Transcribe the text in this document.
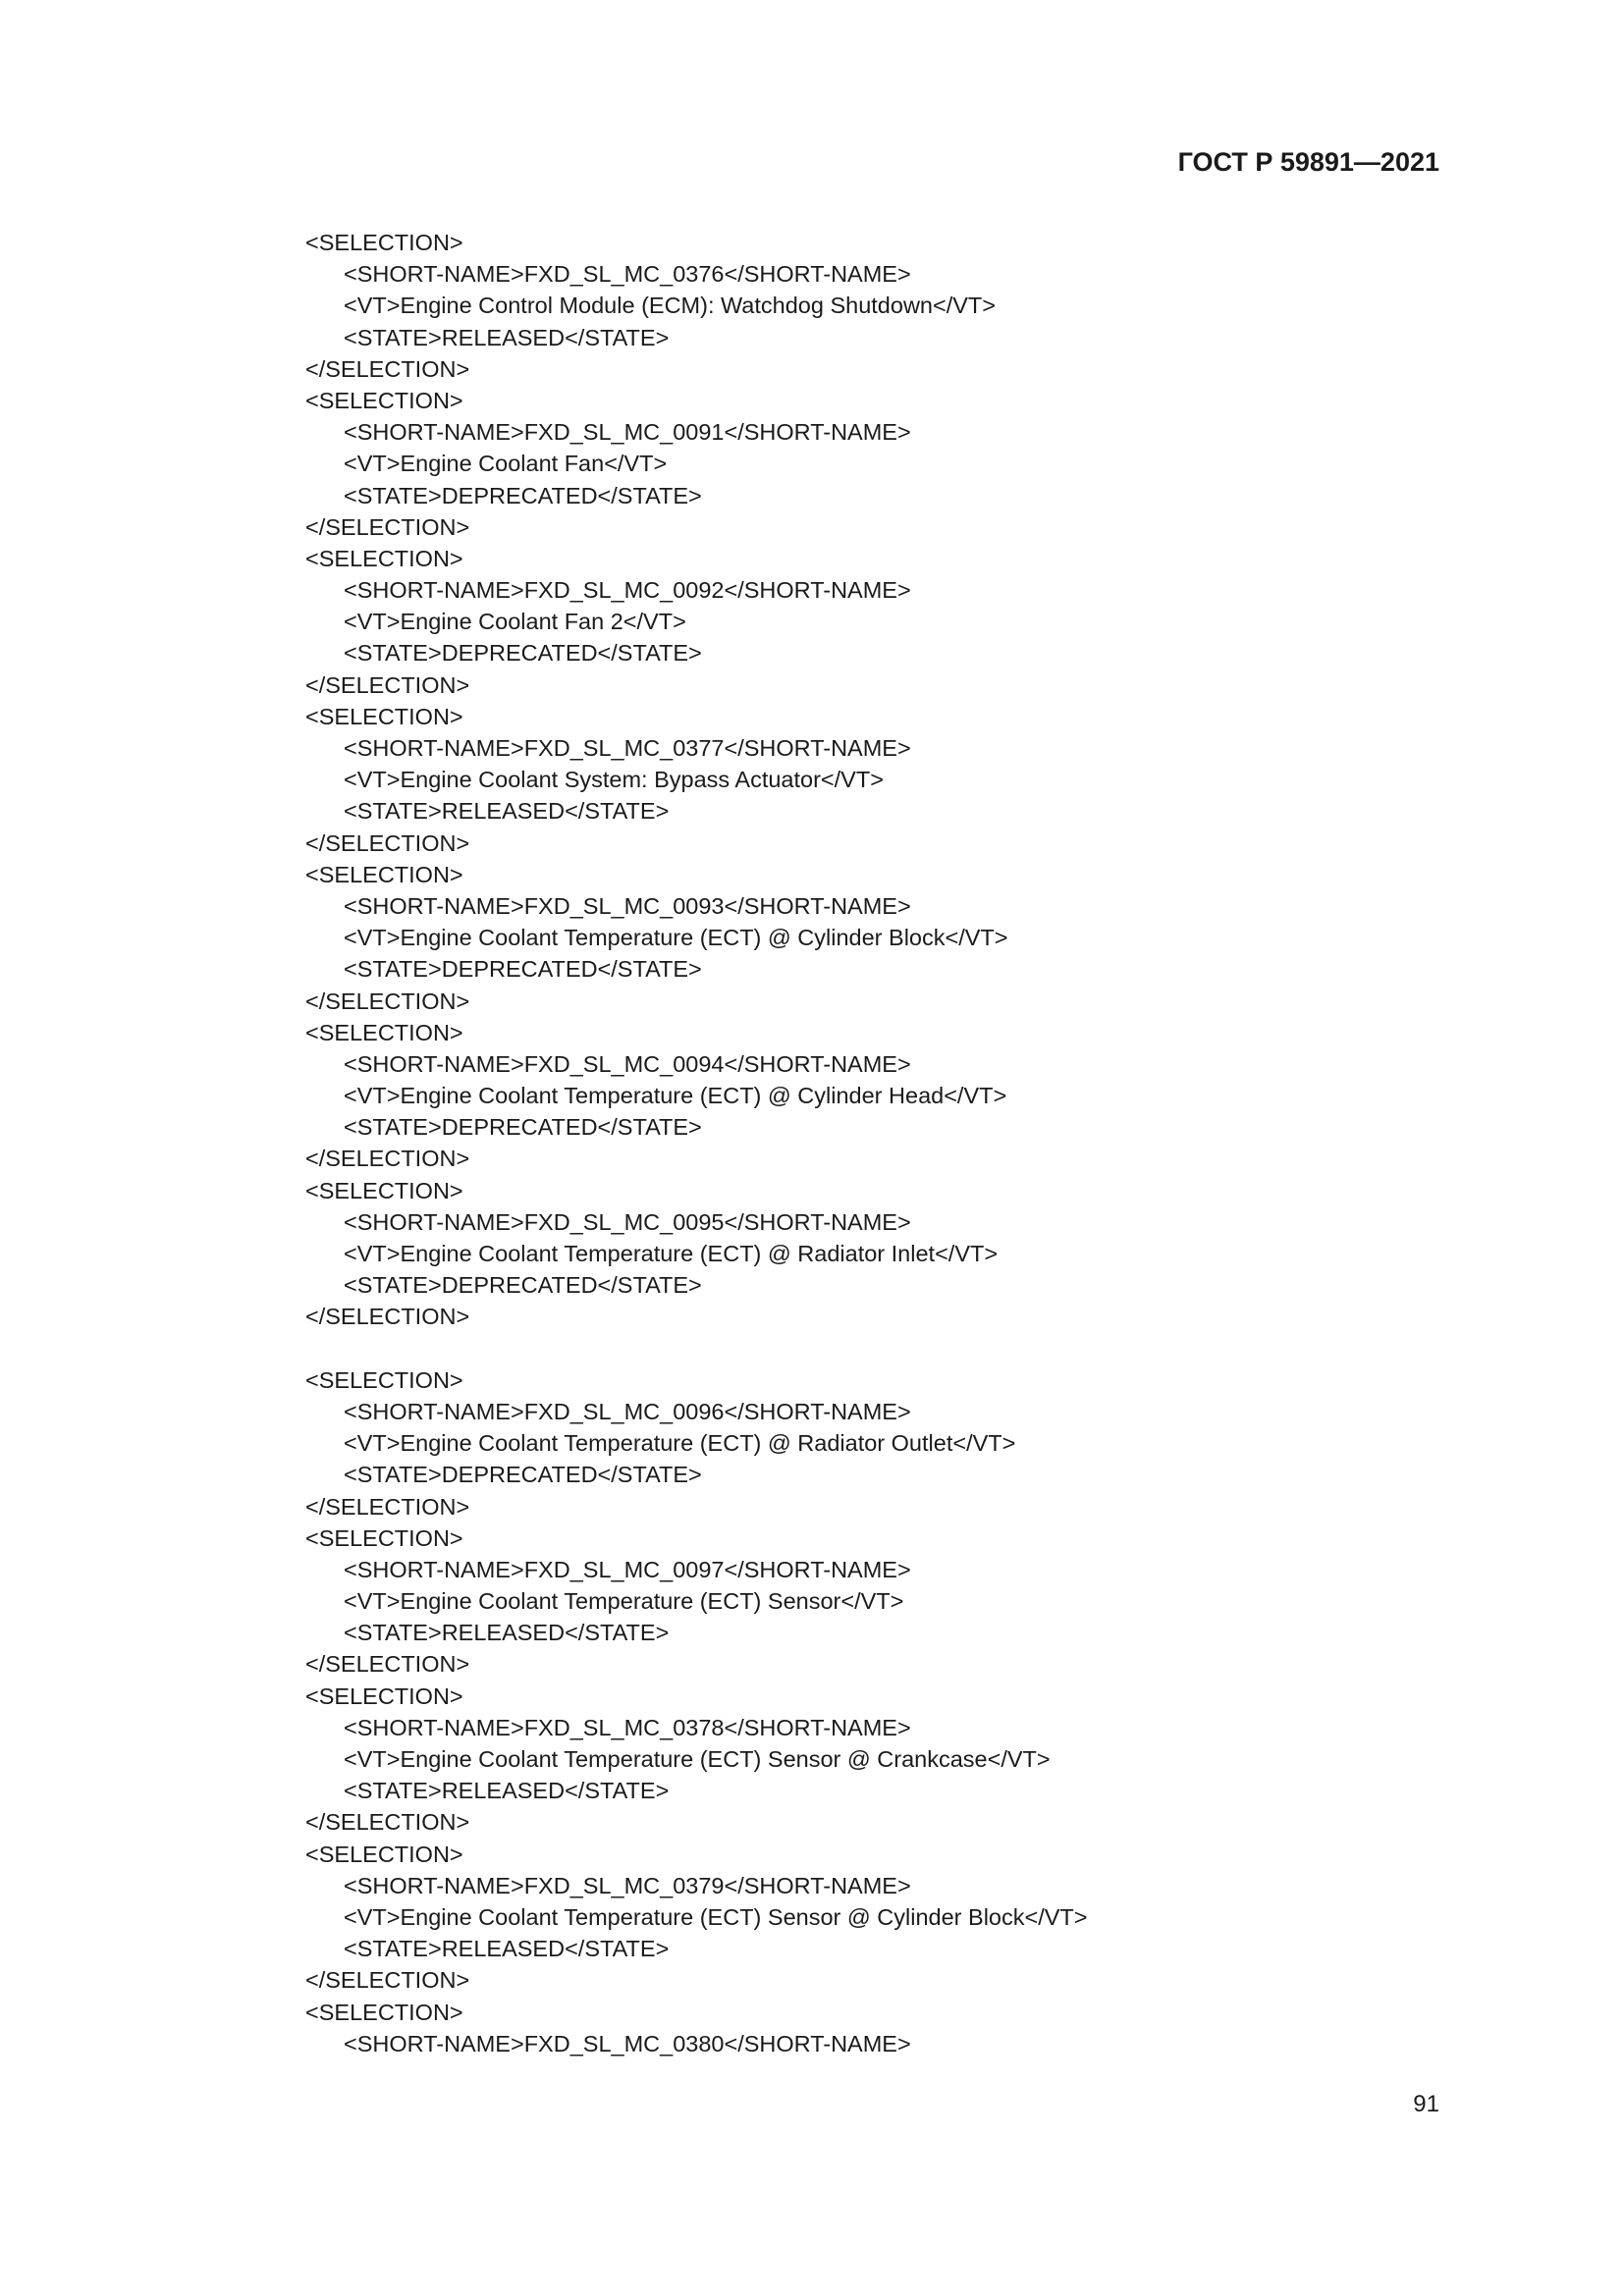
ГОСТ Р 59891—2021
<SELECTION>
<SHORT-NAME>FXD_SL_MC_0376</SHORT-NAME>
<VT>Engine Control Module (ECM): Watchdog Shutdown</VT>
<STATE>RELEASED</STATE>
</SELECTION>
<SELECTION>
<SHORT-NAME>FXD_SL_MC_0091</SHORT-NAME>
<VT>Engine Coolant Fan</VT>
<STATE>DEPRECATED</STATE>
</SELECTION>
<SELECTION>
<SHORT-NAME>FXD_SL_MC_0092</SHORT-NAME>
<VT>Engine Coolant Fan 2</VT>
<STATE>DEPRECATED</STATE>
</SELECTION>
<SELECTION>
<SHORT-NAME>FXD_SL_MC_0377</SHORT-NAME>
<VT>Engine Coolant System: Bypass Actuator</VT>
<STATE>RELEASED</STATE>
</SELECTION>
<SELECTION>
<SHORT-NAME>FXD_SL_MC_0093</SHORT-NAME>
<VT>Engine Coolant Temperature (ECT) @ Cylinder Block</VT>
<STATE>DEPRECATED</STATE>
</SELECTION>
<SELECTION>
<SHORT-NAME>FXD_SL_MC_0094</SHORT-NAME>
<VT>Engine Coolant Temperature (ECT) @ Cylinder Head</VT>
<STATE>DEPRECATED</STATE>
</SELECTION>
<SELECTION>
<SHORT-NAME>FXD_SL_MC_0095</SHORT-NAME>
<VT>Engine Coolant Temperature (ECT) @ Radiator Inlet</VT>
<STATE>DEPRECATED</STATE>
</SELECTION>
<SELECTION>
<SHORT-NAME>FXD_SL_MC_0096</SHORT-NAME>
<VT>Engine Coolant Temperature (ECT) @ Radiator Outlet</VT>
<STATE>DEPRECATED</STATE>
</SELECTION>
<SELECTION>
<SHORT-NAME>FXD_SL_MC_0097</SHORT-NAME>
<VT>Engine Coolant Temperature (ECT) Sensor</VT>
<STATE>RELEASED</STATE>
</SELECTION>
<SELECTION>
<SHORT-NAME>FXD_SL_MC_0378</SHORT-NAME>
<VT>Engine Coolant Temperature (ECT) Sensor @ Crankcase</VT>
<STATE>RELEASED</STATE>
</SELECTION>
<SELECTION>
<SHORT-NAME>FXD_SL_MC_0379</SHORT-NAME>
<VT>Engine Coolant Temperature (ECT) Sensor @ Cylinder Block</VT>
<STATE>RELEASED</STATE>
</SELECTION>
<SELECTION>
<SHORT-NAME>FXD_SL_MC_0380</SHORT-NAME>
91
